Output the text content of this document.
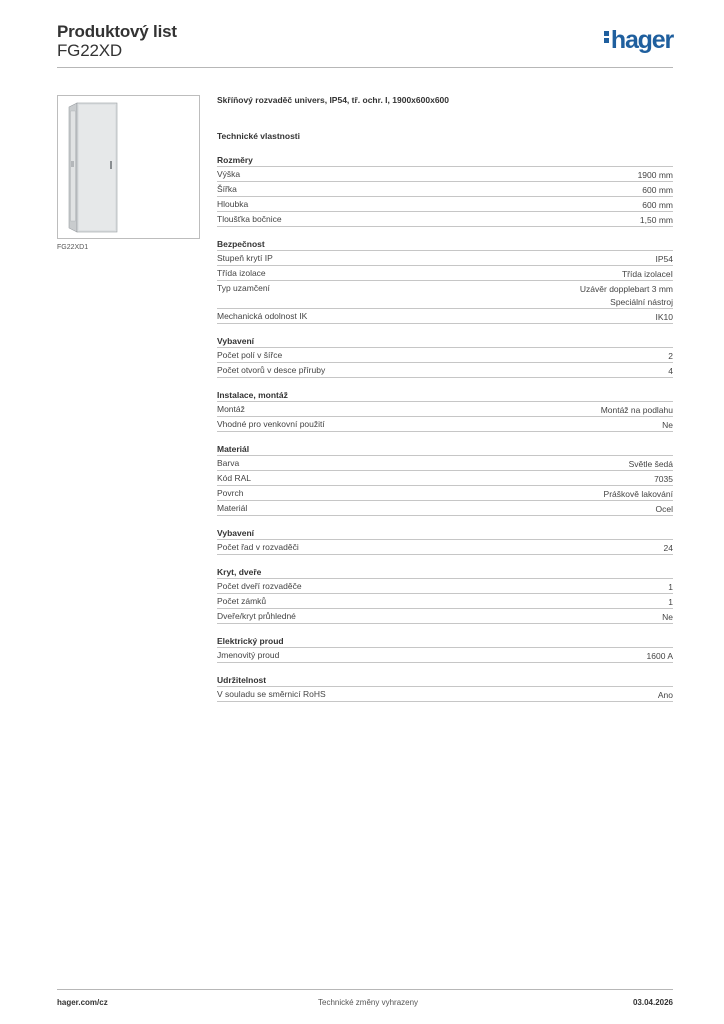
Produktový list
FG22XD	hager
FG22XD1
Skříňový rozvaděč univers, IP54, tř. ochr. I, 1900x600x600
Technické vlastnosti
Rozměry
Výška	1900 mm
Šířka	600 mm
Hloubka	600 mm
Tloušťka bočnice	1,50 mm
Bezpečnost
Stupeň krytí IP	IP54
Třída izolace	Třída izolaceI
Typ uzamčení	Uzávěr dopplebart 3 mm
Speciální nástroj
Mechanická odolnost IK	IK10
Vybavení
Počet polí v šířce	2
Počet otvorů v desce příruby	4
Instalace, montáž
Montáž	Montáž na podlahu
Vhodné pro venkovní použití	Ne
Materiál
Barva	Světle šedá
Kód RAL	7035
Povrch	Práškově lakování
Materiál	Ocel
Vybavení
Počet řad v rozvaděči	24
Kryt, dveře
Počet dveří rozvaděče	1
Počet zámků	1
Dveře/kryt průhledné	Ne
Elektrický proud
Jmenovitý proud	1600 A
Udržitelnost
V souladu se směrnicí RoHS	Ano
hager.com/cz	Technické změny vyhrazeny	03.04.2026
